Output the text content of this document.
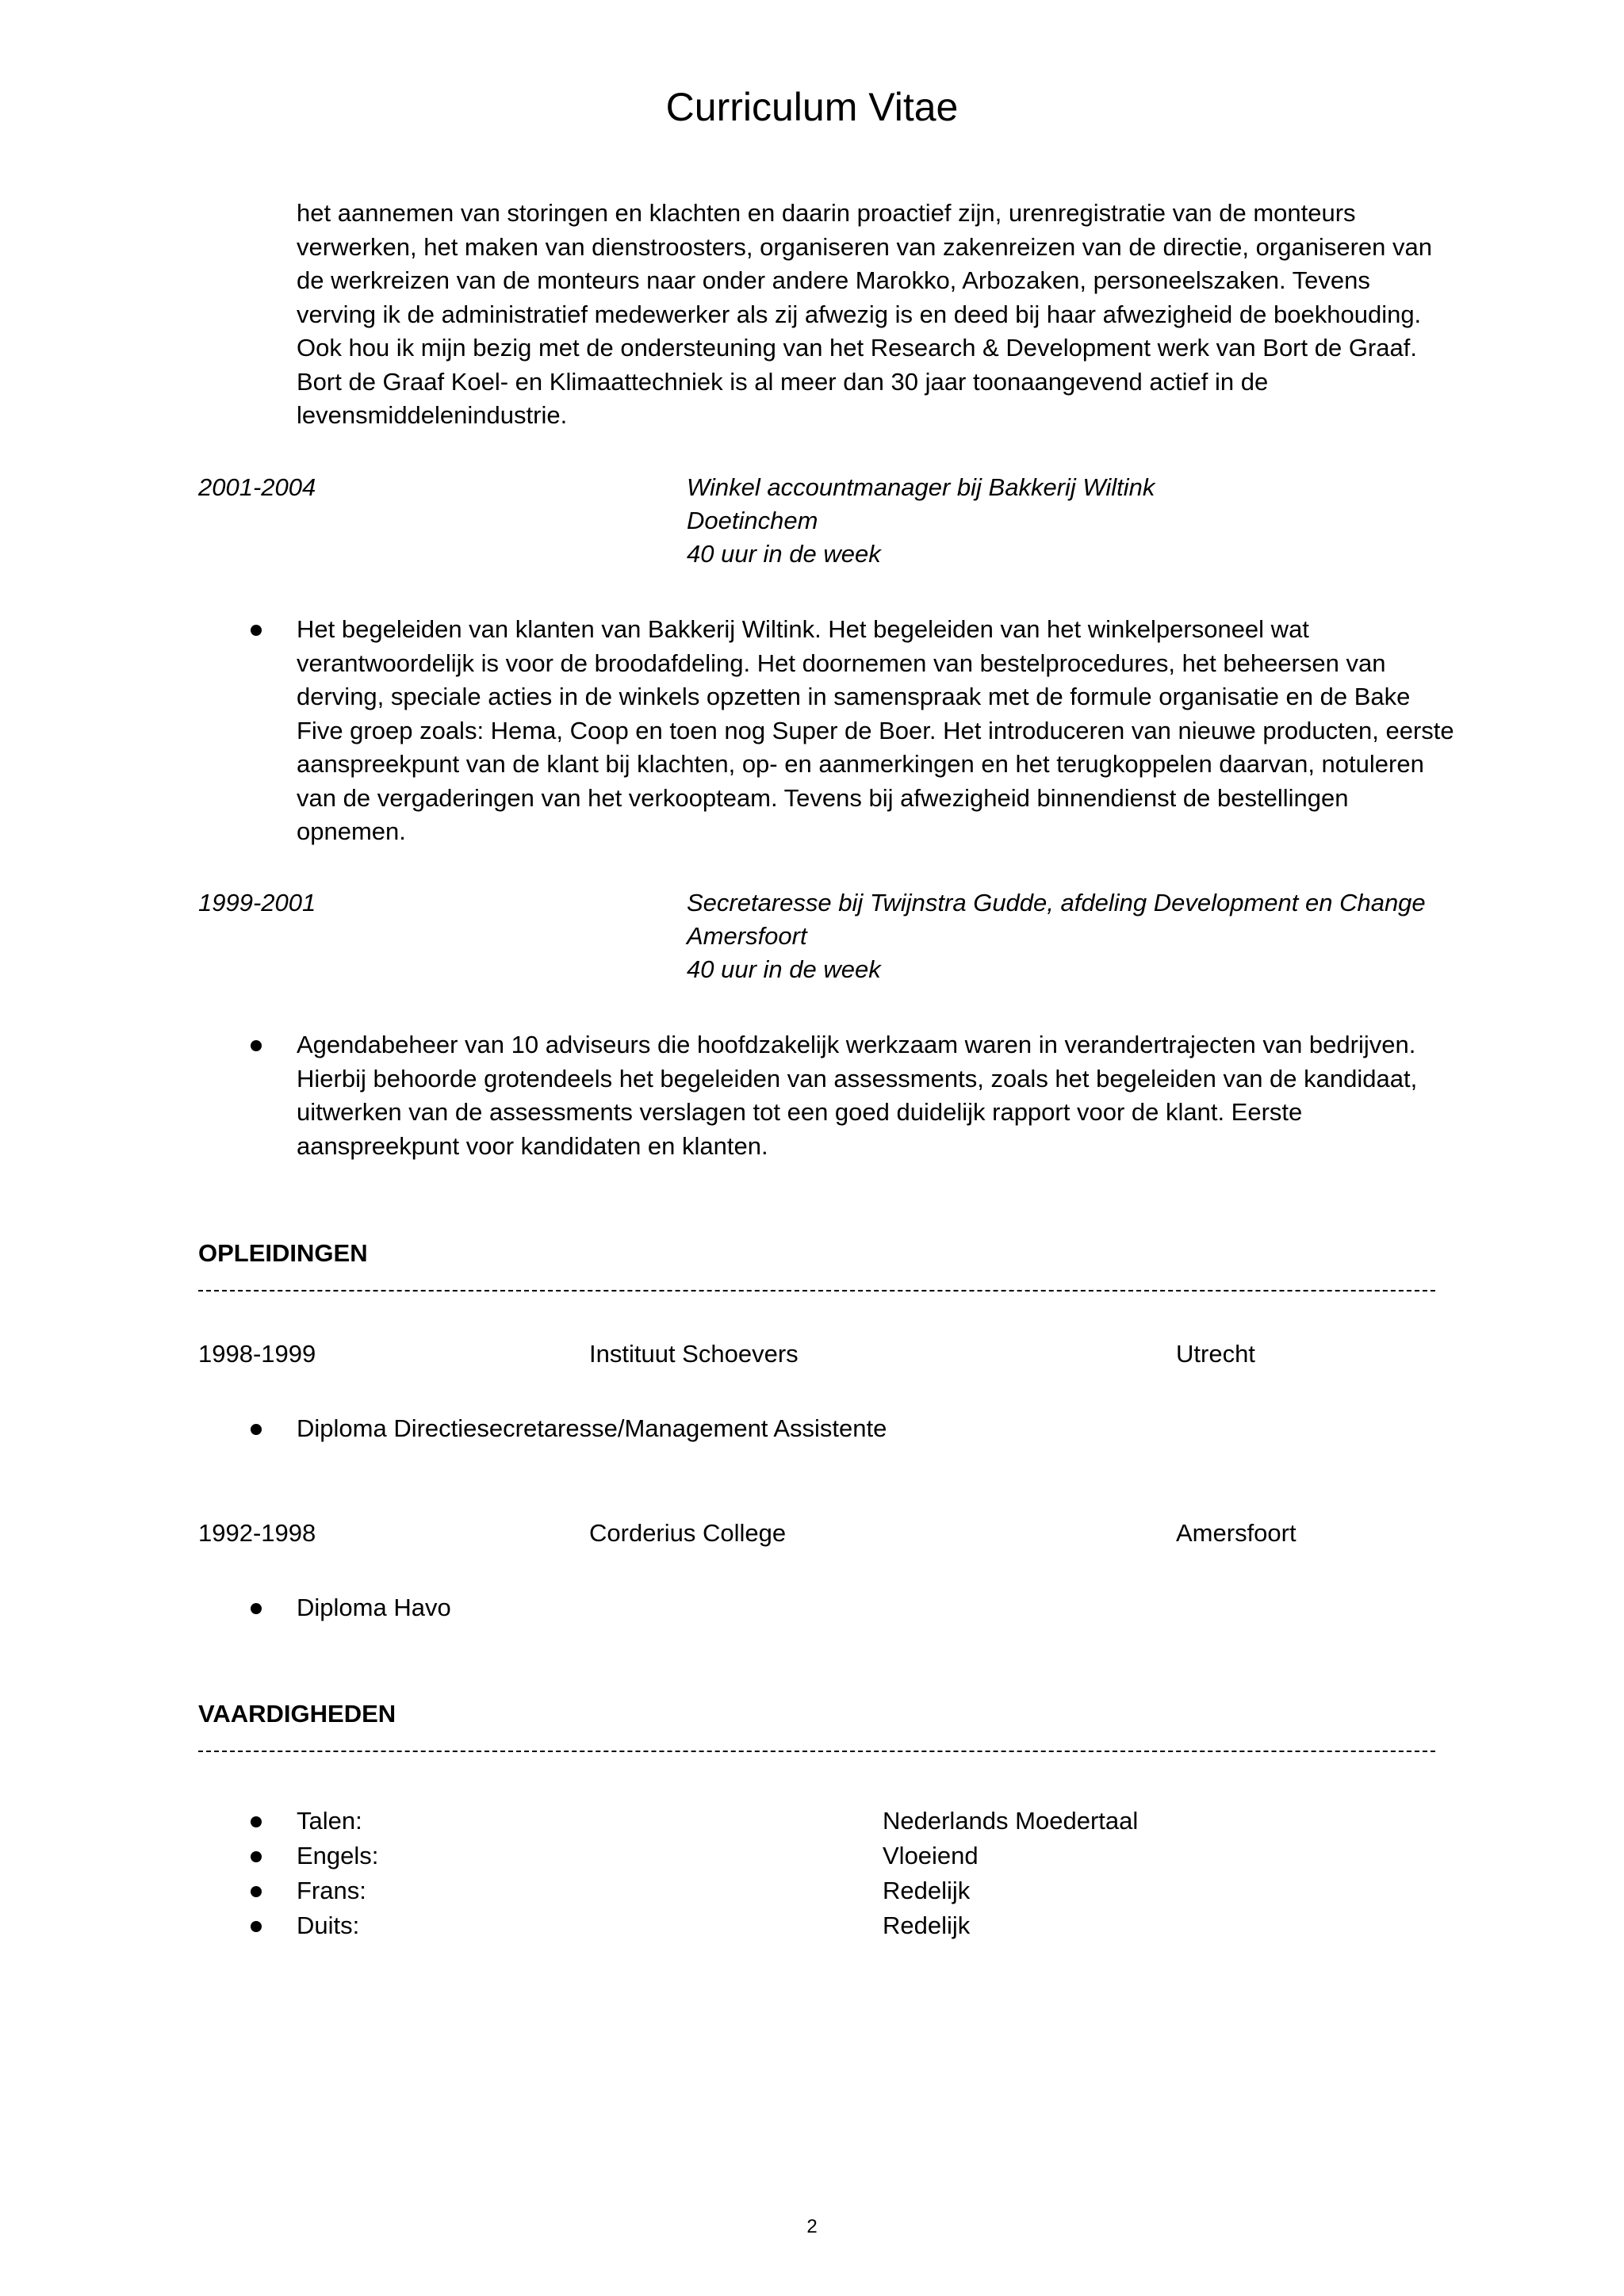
Curriculum Vitae
het aannemen van storingen en klachten en daarin proactief zijn, urenregistratie van de monteurs verwerken, het maken van dienstroosters, organiseren van zakenreizen van de directie, organiseren van de werkreizen van de monteurs naar onder andere Marokko, Arbozaken, personeelszaken. Tevens verving ik de administratief medewerker als zij afwezig is en deed bij haar afwezigheid de boekhouding. Ook hou ik mijn bezig met de ondersteuning van het Research & Development werk van Bort de Graaf. Bort de Graaf Koel- en Klimaattechniek is al meer dan 30 jaar toonaangevend actief in de levensmiddelenindustrie.
2001-2004	Winkel accountmanager bij Bakkerij Wiltink
Doetinchem
40 uur in de week
Het begeleiden van klanten van Bakkerij Wiltink. Het begeleiden van het winkelpersoneel wat verantwoordelijk is voor de broodafdeling. Het doornemen van bestelprocedures, het beheersen van derving, speciale acties in de winkels opzetten in samenspraak met de formule organisatie en de Bake Five groep zoals: Hema, Coop en toen nog Super de Boer. Het introduceren van nieuwe producten, eerste aanspreekpunt van de klant bij klachten, op- en aanmerkingen en het terugkoppelen daarvan, notuleren van de vergaderingen van het verkoopteam. Tevens bij afwezigheid binnendienst de bestellingen opnemen.
1999-2001	Secretaresse bij Twijnstra Gudde, afdeling Development en Change
Amersfoort
40 uur in de week
Agendabeheer van 10 adviseurs die hoofdzakelijk werkzaam waren in verandertrajecten van bedrijven. Hierbij behoorde grotendeels het begeleiden van assessments, zoals het begeleiden van de kandidaat, uitwerken van de assessments verslagen tot een goed duidelijk rapport voor de klant. Eerste aanspreekpunt voor kandidaten en klanten.
OPLEIDINGEN
1998-1999	Instituut Schoevers	Utrecht
Diploma Directiesecretaresse/Management Assistente
1992-1998	Corderius College	Amersfoort
Diploma Havo
VAARDIGHEDEN
Talen:	Nederlands Moedertaal
Engels:	Vloeiend
Frans:	Redelijk
Duits:	Redelijk
2
